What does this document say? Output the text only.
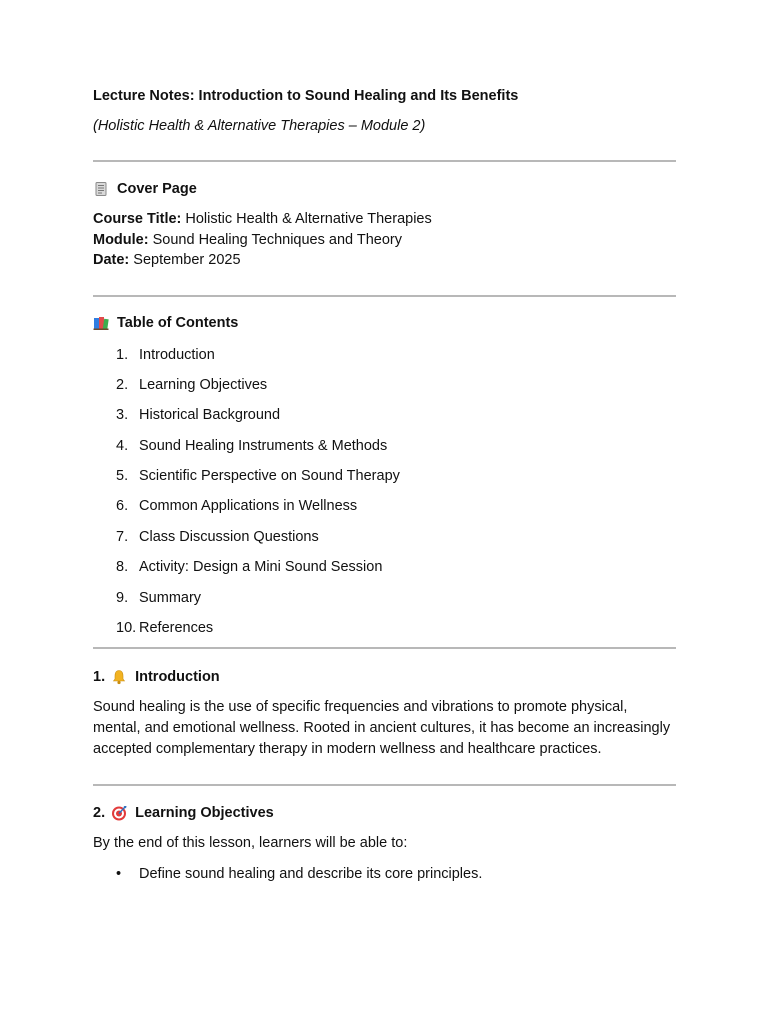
Lecture Notes: Introduction to Sound Healing and Its Benefits
(Holistic Health & Alternative Therapies – Module 2)
Cover Page
Course Title: Holistic Health & Alternative Therapies
Module: Sound Healing Techniques and Theory
Date: September 2025
Table of Contents
1. Introduction
2. Learning Objectives
3. Historical Background
4. Sound Healing Instruments & Methods
5. Scientific Perspective on Sound Therapy
6. Common Applications in Wellness
7. Class Discussion Questions
8. Activity: Design a Mini Sound Session
9. Summary
10. References
1. Introduction

Sound healing is the use of specific frequencies and vibrations to promote physical, mental, and emotional wellness. Rooted in ancient cultures, it has become an increasingly accepted complementary therapy in modern wellness and healthcare practices.

2. Learning Objectives

By the end of this lesson, learners will be able to:

•	Define sound healing and describe its core principles.
